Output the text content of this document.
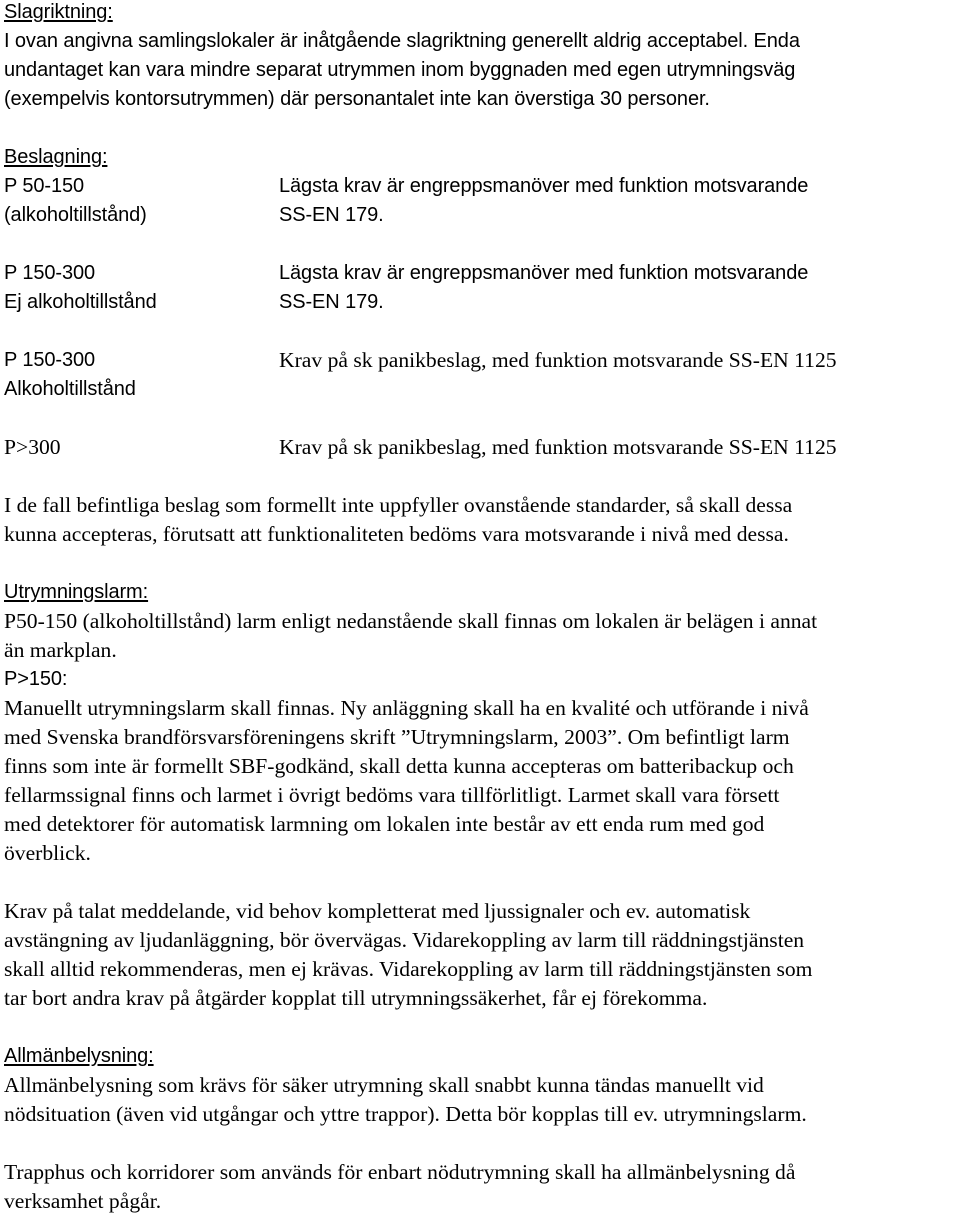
Slagriktning:
I ovan angivna samlingslokaler är inåtgående slagriktning generellt aldrig acceptabel. Enda
undantaget kan vara mindre separat utrymmen inom byggnaden med egen utrymningsväg
(exempelvis kontorsutrymmen) där personantalet inte kan överstiga 30 personer.
Beslagning:
P 50-150
(alkoholtillstånd)
Lägsta krav är engreppsmanöver med funktion motsvarande
SS-EN 179.
P 150-300
Ej alkoholtillstånd
Lägsta krav är engreppsmanöver med funktion motsvarande
SS-EN 179.
P 150-300
Alkoholtillstånd
Krav på sk panikbeslag, med funktion motsvarande SS-EN 1125
P>300	Krav på sk panikbeslag, med funktion motsvarande SS-EN 1125
I de fall befintliga beslag som formellt inte uppfyller ovanstående standarder, så skall dessa
kunna accepteras, förutsatt att funktionaliteten bedöms vara motsvarande i nivå med dessa.
Utrymningslarm:
P50-150 (alkoholtillstånd) larm enligt nedanstående skall finnas om lokalen är belägen i annat
än markplan.
P>150:
Manuellt utrymningslarm skall finnas. Ny anläggning skall ha en kvalité och utförande i nivå
med Svenska brandförsvarsföreningens skrift ”Utrymningslarm, 2003”. Om befintligt larm
finns som inte är formellt SBF-godkänd, skall detta kunna accepteras om batteribackup och
fellarmssignal finns och larmet i övrigt bedöms vara tillförlitligt. Larmet skall vara försett
med detektorer för automatisk larmning om lokalen inte består av ett enda rum med god
överblick.
Krav på talat meddelande, vid behov kompletterat med ljussignaler och ev. automatisk
avstängning av ljudanläggning, bör övervägas. Vidarekoppling av larm till räddningstjänsten
skall alltid rekommenderas, men ej krävas. Vidarekoppling av larm till räddningstjänsten som
tar bort andra krav på åtgärder kopplat till utrymningssäkerhet, får ej förekomma.
Allmänbelysning:
Allmänbelysning som krävs för säker utrymning skall snabbt kunna tändas manuellt vid
nödsituation (även vid utgångar och yttre trappor). Detta bör kopplas till ev. utrymningslarm.
Trapphus och korridorer som används för enbart nödutrymning skall ha allmänbelysning då
verksamhet pågår.
